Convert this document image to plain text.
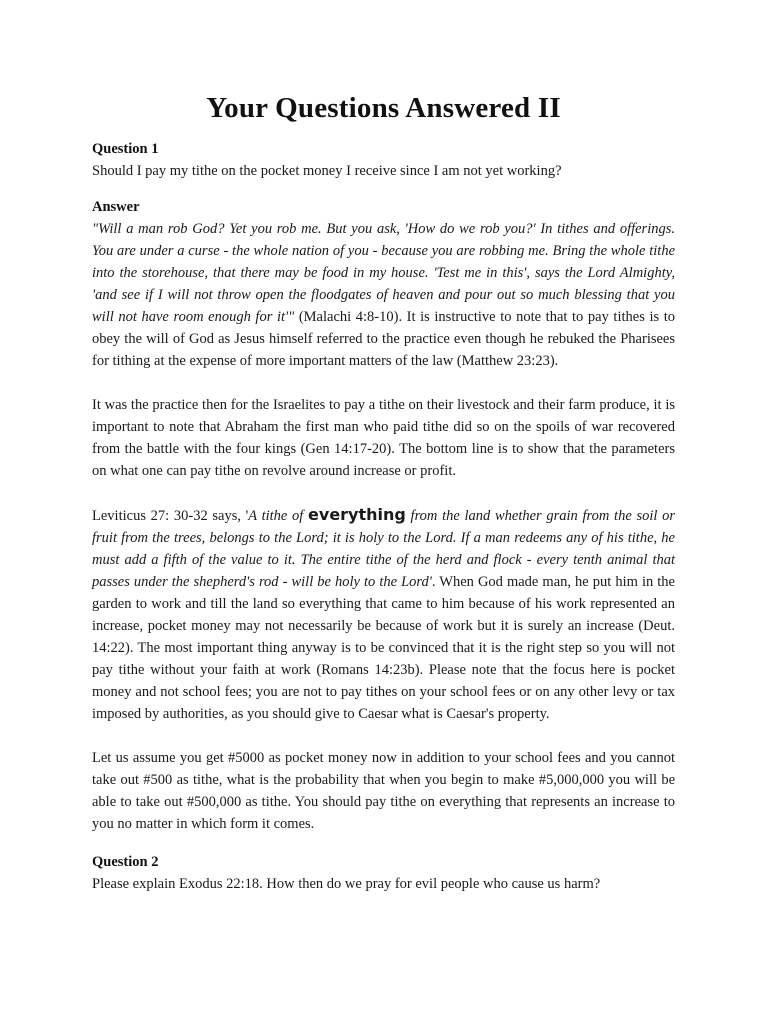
Your Questions Answered II

Question 1

Should I pay my tithe on the pocket money I receive since I am not yet working?

Answer

"Will a man rob God? Yet you rob me. But you ask, 'How do we rob you?' In tithes and offerings. You are under a curse - the whole nation of you - because you are robbing me. Bring the whole tithe into the storehouse, that there may be food in my house. 'Test me in this', says the Lord Almighty, 'and see if I will not throw open the floodgates of heaven and pour out so much blessing that you will not have room enough for it'" (Malachi 4:8-10). It is instructive to note that to pay tithes is to obey the will of God as Jesus himself referred to the practice even though he rebuked the Pharisees for tithing at the expense of more important matters of the law (Matthew 23:23).

It was the practice then for the Israelites to pay a tithe on their livestock and their farm produce, it is important to note that Abraham the first man who paid tithe did so on the spoils of war recovered from the battle with the four kings (Gen 14:17-20). The bottom line is to show that the parameters on what one can pay tithe on revolve around increase or profit.

Leviticus 27: 30-32 says, 'A tithe of everything from the land whether grain from the soil or fruit from the trees, belongs to the Lord; it is holy to the Lord. If a man redeems any of his tithe, he must add a fifth of the value to it. The entire tithe of the herd and flock - every tenth animal that passes under the shepherd's rod - will be holy to the Lord'. When God made man, he put him in the garden to work and till the land so everything that came to him because of his work represented an increase, pocket money may not necessarily be because of work but it is surely an increase (Deut. 14:22). The most important thing anyway is to be convinced that it is the right step so you will not pay tithe without your faith at work (Romans 14:23b). Please note that the focus here is pocket money and not school fees; you are not to pay tithes on your school fees or on any other levy or tax imposed by authorities, as you should give to Caesar what is Caesar's property.

Let us assume you get #5000 as pocket money now in addition to your school fees and you cannot take out #500 as tithe, what is the probability that when you begin to make #5,000,000 you will be able to take out #500,000 as tithe. You should pay tithe on everything that represents an increase to you no matter in which form it comes.

Question 2

Please explain Exodus 22:18. How then do we pray for evil people who cause us harm?
